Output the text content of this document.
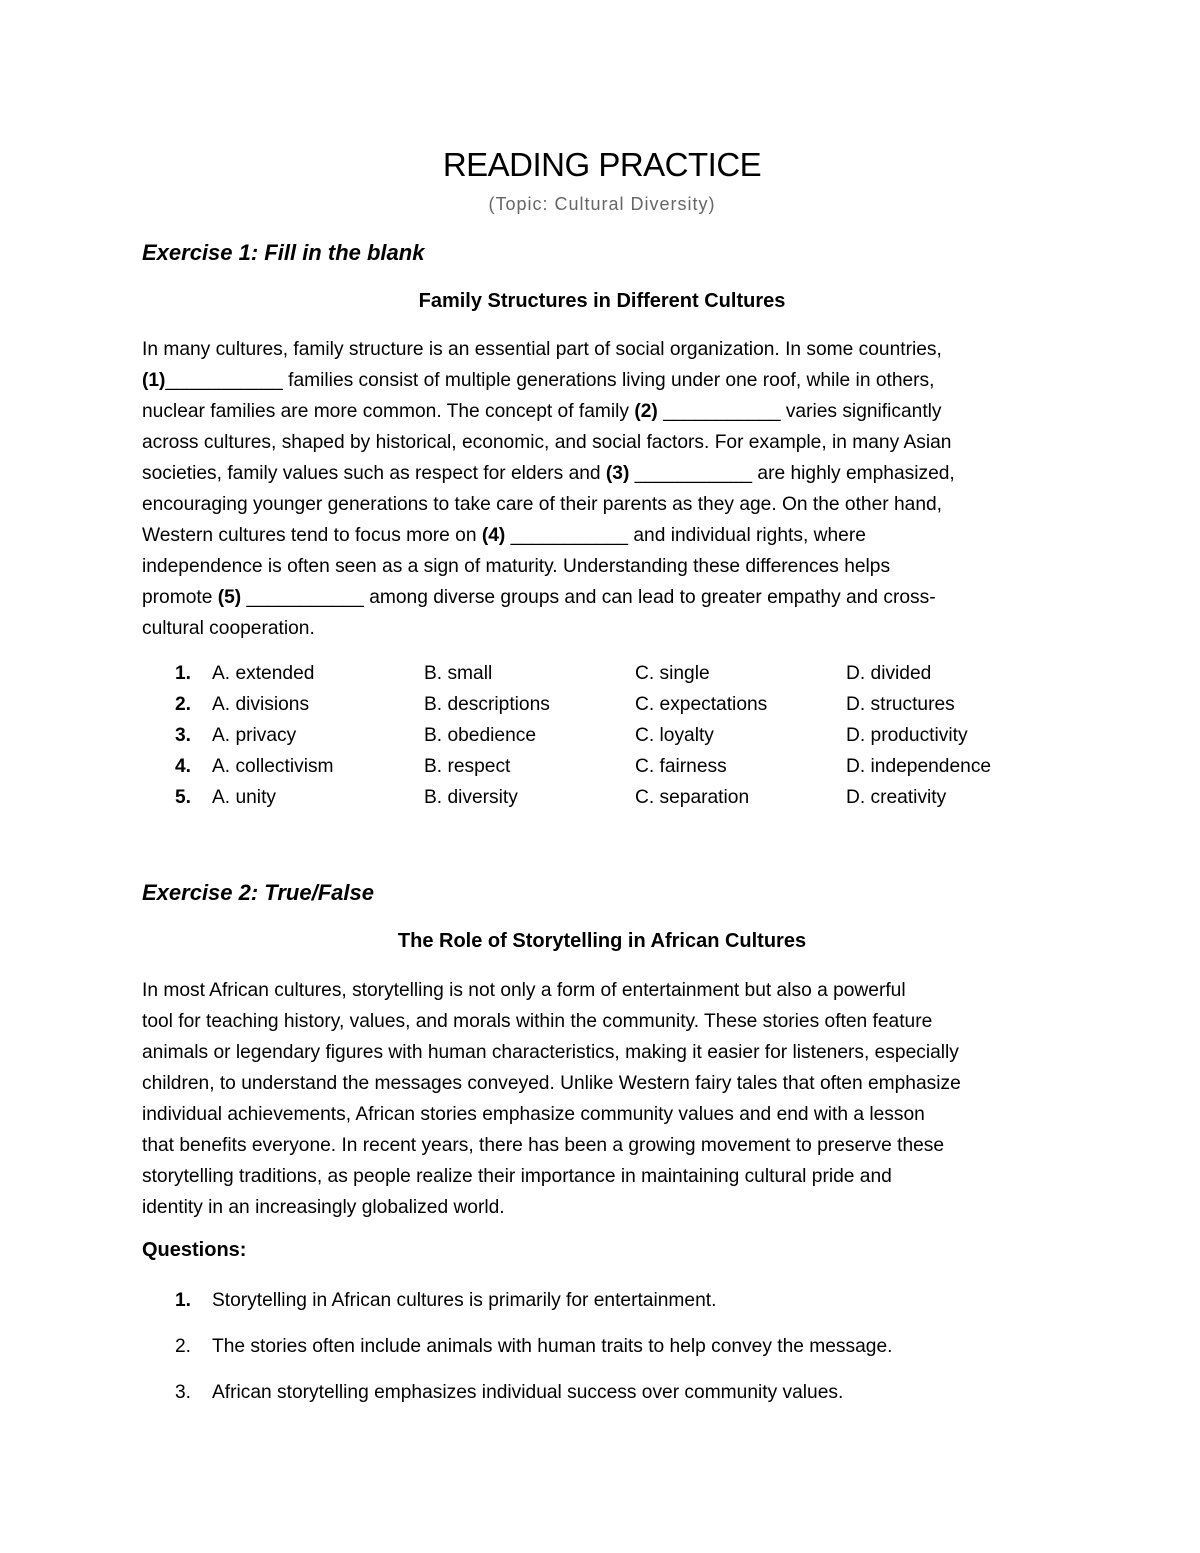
READING PRACTICE

(Topic: Cultural Diversity)

Exercise 1: Fill in the blank
Family Structures in Different Cultures
In many cultures, family structure is an essential part of social organization. In some countries,
(1)___________ families consist of multiple generations living under one roof, while in others,
nuclear families are more common. The concept of family (2) ___________ varies significantly
across cultures, shaped by historical, economic, and social factors. For example, in many Asian
societies, family values such as respect for elders and (3) ___________ are highly emphasized,
encouraging younger generations to take care of their parents as they age. On the other hand,
Western cultures tend to focus more on (4) ___________ and individual rights, where
independence is often seen as a sign of maturity. Understanding these differences helps
promote (5) ___________ among diverse groups and can lead to greater empathy and cross-
cultural cooperation.
1. A. extended	B. small	C. single	D. divided
2. A. divisions	B. descriptions	C. expectations	D. structures
3. A. privacy	B. obedience	C. loyalty	D. productivity
4. A. collectivism	B. respect	C. fairness	D. independence
5. A. unity	B. diversity	C. separation	D. creativity
Exercise 2: True/False
The Role of Storytelling in African Cultures
In most African cultures, storytelling is not only a form of entertainment but also a powerful
tool for teaching history, values, and morals within the community. These stories often feature
animals or legendary figures with human characteristics, making it easier for listeners, especially
children, to understand the messages conveyed. Unlike Western fairy tales that often emphasize
individual achievements, African stories emphasize community values and end with a lesson
that benefits everyone. In recent years, there has been a growing movement to preserve these
storytelling traditions, as people realize their importance in maintaining cultural pride and
identity in an increasingly globalized world.

Questions:

1. Storytelling in African cultures is primarily for entertainment.
2. The stories often include animals with human traits to help convey the message.
3. African storytelling emphasizes individual success over community values.
